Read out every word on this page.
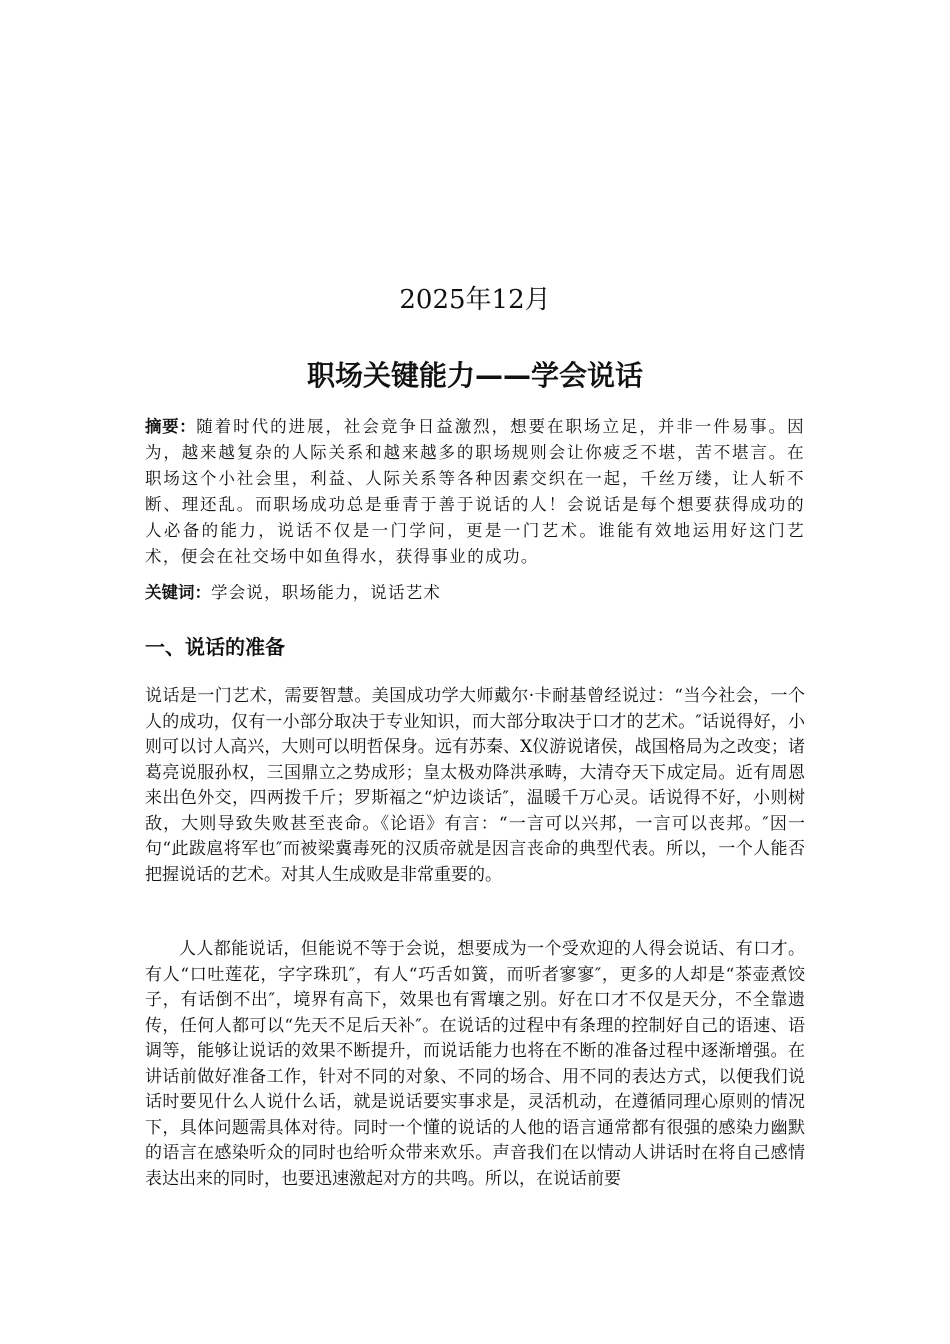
2025年12月
职场关键能力——学会说话

摘要：随着时代的进展，社会竞争日益激烈，想要在职场立足，并非一件易事。因为，越来越复杂的人际关系和越来越多的职场规则会让你疲乏不堪，苦不堪言。在职场这个小社会里，利益、人际关系等各种因素交织在一起，千丝万缕，让人斩不断、理还乱。而职场成功总是垂青于善于说话的人！会说话是每个想要获得成功的人必备的能力，说话不仅是一门学问，更是一门艺术。谁能有效地运用好这门艺术，便会在社交场中如鱼得水，获得事业的成功。

关键词：学会说，职场能力，说话艺术

一、说话的准备

说话是一门艺术，需要智慧。美国成功学大师戴尔·卡耐基曾经说过：“当今社会，一个人的成功，仅有一小部分取决于专业知识，而大部分取决于口才的艺术。″话说得好，小则可以讨人高兴，大则可以明哲保身。远有苏秦、X仪游说诸侯，战国格局为之改变；诸葛亮说服孙权，三国鼎立之势成形；皇太极劝降洪承畴，大清夺天下成定局。近有周恩来出色外交，四两拨千斤；罗斯福之“炉边谈话″，温暖千万心灵。话说得不好，小则树敌，大则导致失败甚至丧命。《论语》有言：“一言可以兴邦，一言可以丧邦。″因一句“此跋扈将军也″而被梁冀毒死的汉质帝就是因言丧命的典型代表。所以，一个人能否把握说话的艺术。对其人生成败是非常重要的。

人人都能说话，但能说不等于会说，想要成为一个受欢迎的人得会说话、有口才。有人“口吐莲花，字字珠玑″，有人“巧舌如簧，而听者寥寥″，更多的人却是“茶壶煮饺子，有话倒不出″，境界有高下，效果也有霄壤之别。好在口才不仅是天分，不全靠遗传，任何人都可以“先天不足后天补″。在说话的过程中有条理的控制好自己的语速、语调等，能够让说话的效果不断提升，而说话能力也将在不断的准备过程中逐渐增强。在讲话前做好准备工作，针对不同的对象、不同的场合、用不同的表达方式，以便我们说话时要见什么人说什么话，就是说话要实事求是，灵活机动，在遵循同理心原则的情况下，具体问题需具体对待。同时一个懂的说话的人他的语言通常都有很强的感染力幽默的语言在感染听众的同时也给听众带来欢乐。声音我们在以情动人讲话时在将自己感情表达出来的同时，也要迅速激起对方的共鸣。所以，在说话前要
